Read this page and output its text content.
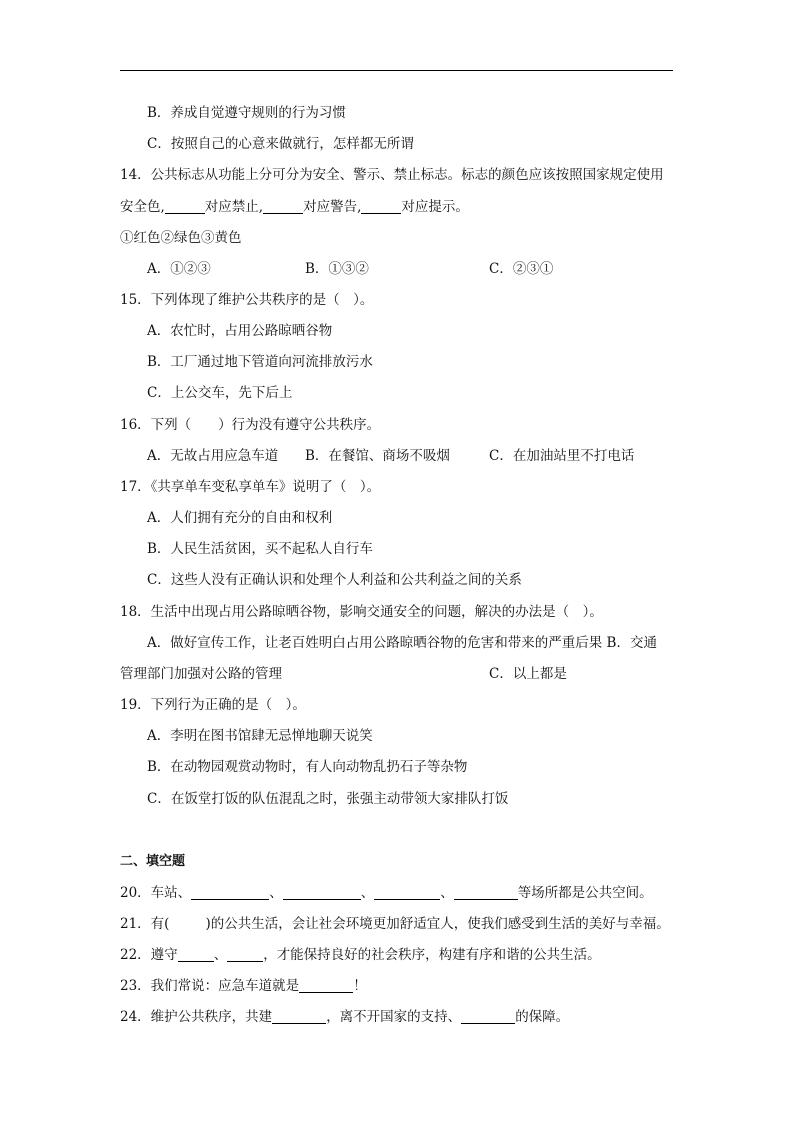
B．养成自觉遵守规则的行为习惯
C．按照自己的心意来做就行，怎样都无所谓
14．公共标志从功能上分可分为安全、警示、禁止标志。标志的颜色应该按照国家规定使用
安全色,	对应禁止,	对应警告,	对应提示。
①红色②绿色③黄色
A．①②③	B．①③②	C．②③①
15．下列体现了维护公共秩序的是（　）。
A．农忙时，占用公路晾晒谷物
B．工厂通过地下管道向河流排放污水
C．上公交车，先下后上
16．下列（　　）行为没有遵守公共秩序。
A．无故占用应急车道 B．在餐馆、商场不吸烟	C．在加油站里不打电话
17．《共享单车变私享单车》说明了（　）。
A．人们拥有充分的自由和权利
B．人民生活贫困，买不起私人自行车
C．这些人没有正确认识和处理个人利益和公共利益之间的关系
18．生活中出现占用公路晾晒谷物，影响交通安全的问题，解决的办法是（　）。
A．做好宣传工作，让老百姓明白占用公路晾晒谷物的危害和带来的严重后果 B．交通
管理部门加强对公路的管理	C．以上都是
19．下列行为正确的是（　）。
A．李明在图书馆肆无忌惮地聊天说笑
B．在动物园观赏动物时，有人向动物乱扔石子等杂物
C．在饭堂打饭的队伍混乱之时，张强主动带领大家排队打饭
二、填空题
20．车站、	、	、	、	等场所都是公共空间。
21．有(	)的公共生活，会让社会环境更加舒适宜人，使我们感受到生活的美好与幸福。
22．遵守	、	，才能保持良好的社会秩序，构建有序和谐的公共生活。
23．我们常说：应急车道就是	！
24．维护公共秩序，共建	，离不开国家的支持、	的保障。
